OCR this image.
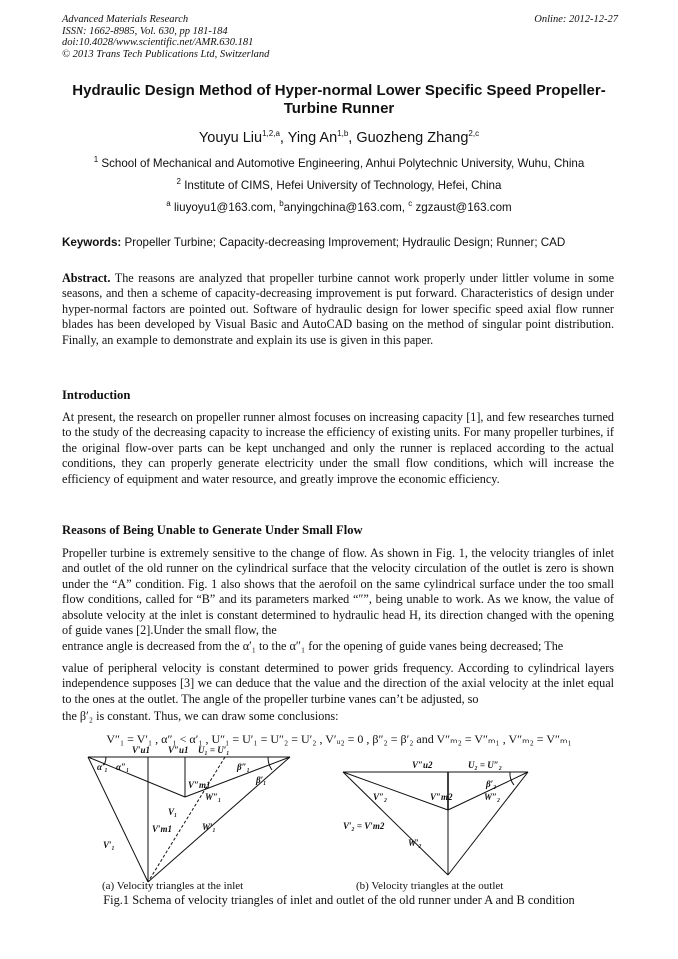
Advanced Materials Research
ISSN: 1662-8985, Vol. 630, pp 181-184
doi:10.4028/www.scientific.net/AMR.630.181
© 2013 Trans Tech Publications Ltd, Switzerland
Online: 2012-12-27
Hydraulic Design Method of Hyper-normal Lower Specific Speed Propeller- Turbine Runner
Youyu Liu$^{1,2,a}$, Ying An$^{1,b}$, Guozheng Zhang$^{2,c}$
$^1$ School of Mechanical and Automotive Engineering, Anhui Polytechnic University, Wuhu, China
$^2$ Institute of CIMS, Hefei University of Technology, Hefei, China
$^a$ liuyoyu1@163.com, $^b$anyingchina@163.com, $^c$ zgzaust@163.com
Keywords: Propeller Turbine; Capacity-decreasing Improvement; Hydraulic Design; Runner; CAD
Abstract. The reasons are analyzed that propeller turbine cannot work properly under littler volume in some seasons, and then a scheme of capacity-decreasing improvement is put forward. Characteristics of design under hyper-normal factors are pointed out. Software of hydraulic design for lower specific speed axial flow runner blades has been developed by Visual Basic and AutoCAD basing on the method of singular point distribution. Finally, an example to demonstrate and explain its use is given in this paper.
Introduction
At present, the research on propeller runner almost focuses on increasing capacity [1], and few researches turned to the study of the decreasing capacity to increase the efficiency of existing units. For many propeller turbines, if the original flow-over parts can be kept unchanged and only the runner is replaced according to the actual conditions, they can properly generate electricity under the small flow conditions, which will increase the efficiency of equipment and water resource, and greatly improve the economic efficiency.
Reasons of Being Unable to Generate Under Small Flow
Propeller turbine is extremely sensitive to the change of flow. As shown in Fig. 1, the velocity triangles of inlet and outlet of the old runner on the cylindrical surface that the velocity circulation of the outlet is zero is shown under the “A” condition. Fig. 1 also shows that the aerofoil on the same cylindrical surface under the too small flow conditions, called for “B” and its parameters marked “″”, being unable to work. As we know, the value of absolute velocity at the inlet is constant determined to hydraulic head H, its direction changed with the opening of guide vanes [2].Under the small flow, the
entrance angle is decreased from the α′₁ to the α″₁ for the opening of guide vanes being decreased; The
value of peripheral velocity is constant determined to power grids frequency. According to cylindrical layers independence supposes [3] we can deduce that the value and the direction of the axial velocity at the inlet equal to the ones at the outlet. The angle of the propeller turbine vanes can’t be adjusted, so
the β′₂ is constant. Thus, we can draw some conclusions:
V″₁ = V′₁ , α″₁ < α′₁ , U″₁ = U′₁ = U″₂ = U′₂ , V′ᵤ₂ = 0 , β″₂ = β′₂ and V″ₘ₂ = V″ₘ₁ , V″ₘ₂ = V″ₘ₁
V′u1 V″u1 U₁ = U′₁
α′₁ α″₁	β″₁
β′₁
V″m1
W″₁
V₁
V′m1	W′₁
V′₁
V″u2	U₂ = U″₂
β′₂
V″₂	V″m2	W″₂
V′₂ = V′m2
W′₂
(a) Velocity triangles at the inlet	(b) Velocity triangles at the outlet
Fig.1 Schema of velocity triangles of inlet and outlet of the old runner under A and B condition
